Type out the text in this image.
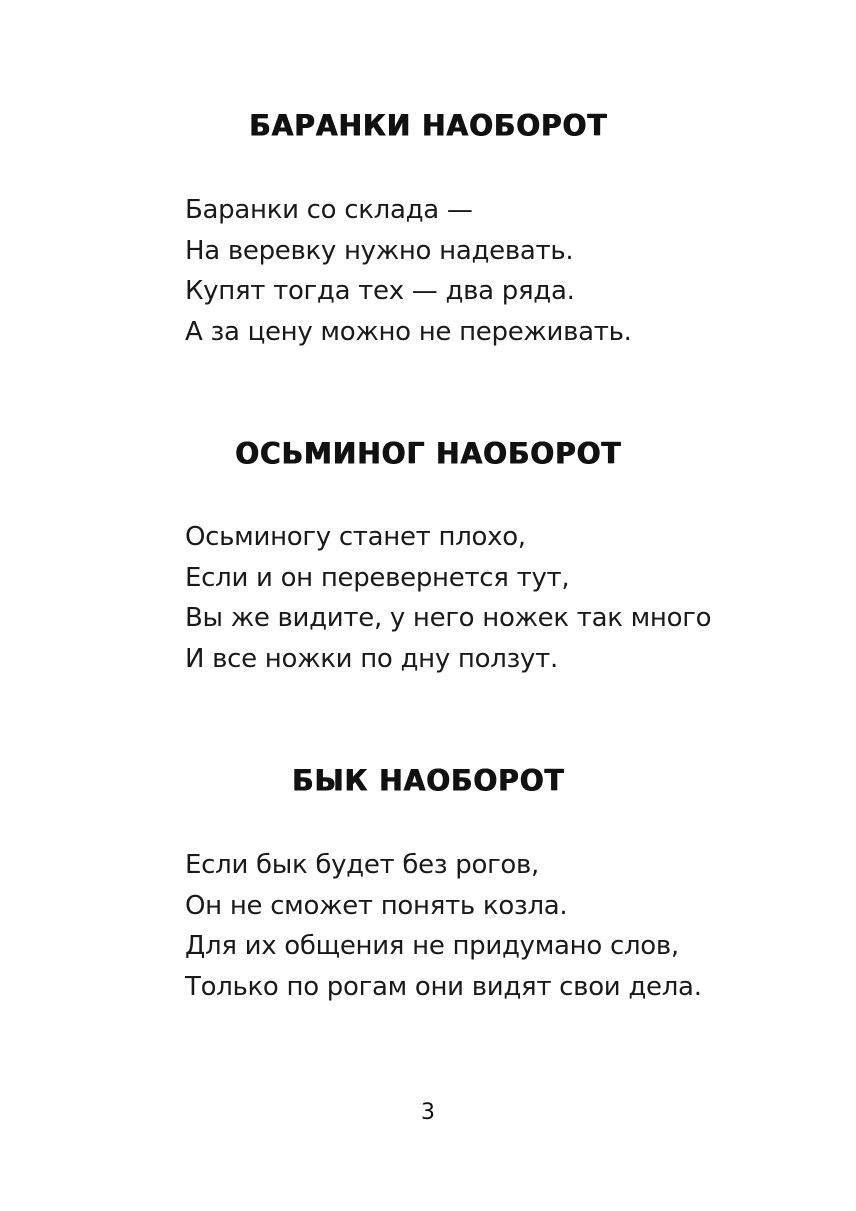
БАРАНКИ НАОБОРОТ
Баранки со склада —
На веревку нужно надевать.
Купят тогда тех — два ряда.
А за цену можно не переживать.
ОСЬМИНОГ НАОБОРОТ
Осьминогу станет плохо,
Если и он перевернется тут,
Вы же видите, у него ножек так много
И все ножки по дну ползут.
БЫК НАОБОРОТ
Если бык будет без рогов,
Он не сможет понять козла.
Для их общения не придумано слов,
Только по рогам они видят свои дела.
3
